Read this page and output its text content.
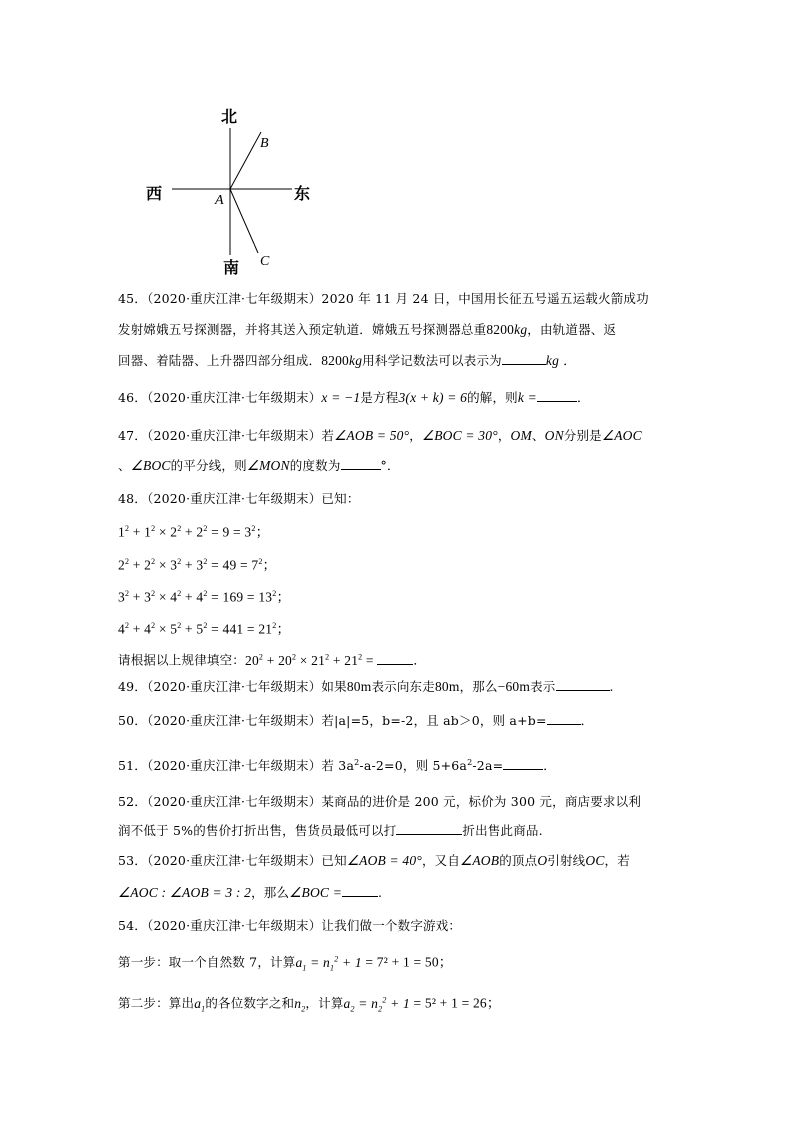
北
西	东
南
A
B
C
45．（2020·重庆江津·七年级期末）2020 年 11 月 24 日，中国用长征五号遥五运载火箭成功
发射嫦娥五号探测器，并将其送入预定轨道．嫦娥五号探测器总重8200kg，由轨道器、返
回器、着陆器、上升器四部分组成．8200kg用科学记数法可以表示为	kg ．
46．（2020·重庆江津·七年级期末）x = −1是方程3(x + k) = 6的解，则k =	．
47．（2020·重庆江津·七年级期末）若∠AOB = 50°，∠BOC = 30°，OM、ON分别是∠AOC
、∠BOC的平分线，则∠MON的度数为	°．
48．（2020·重庆江津·七年级期末）已知：
$1^2 + 1^2 \times 2^2 + 2^2 = 9 = 3^2$；
$2^2 + 2^2 \times 3^2 + 3^2 = 49 = 7^2$；
$3^2 + 3^2 \times 4^2 + 4^2 = 169 = 13^2$；
$4^2 + 4^2 \times 5^2 + 5^2 = 441 = 21^2$；
请根据以上规律填空：$20^2 + 20^2 \times 21^2 + 21^2$ =	．
49．（2020·重庆江津·七年级期末）如果80m表示向东走80m，那么−60m表示	.
50．（2020·重庆江津·七年级期末）若|a|=5，b=-2，且 ab＞0，则 a+b=	．
51．（2020·重庆江津·七年级期末）若 $3a^2-a-2=0$，则 $5+6a^2-2a=$	．
52．（2020·重庆江津·七年级期末）某商品的进价是 200 元，标价为 300 元，商店要求以利
润不低于 5%的售价打折出售，售货员最低可以打	折出售此商品.
53．（2020·重庆江津·七年级期末）已知∠AOB = 40°，又自∠AOB的顶点O引射线OC，若
∠AOC : ∠AOB = 3 : 2，那么∠BOC =	.
54．（2020·重庆江津·七年级期末）让我们做一个数字游戏：
第一步：取一个自然数 7，计算$a_1 = n_1^2 + 1 = 7^2 + 1 = 50$；
第二步：算出$a_1$的各位数字之和$n_2$，计算$a_2 = n_2^2 + 1 = 5^2 + 1 = 26$；
